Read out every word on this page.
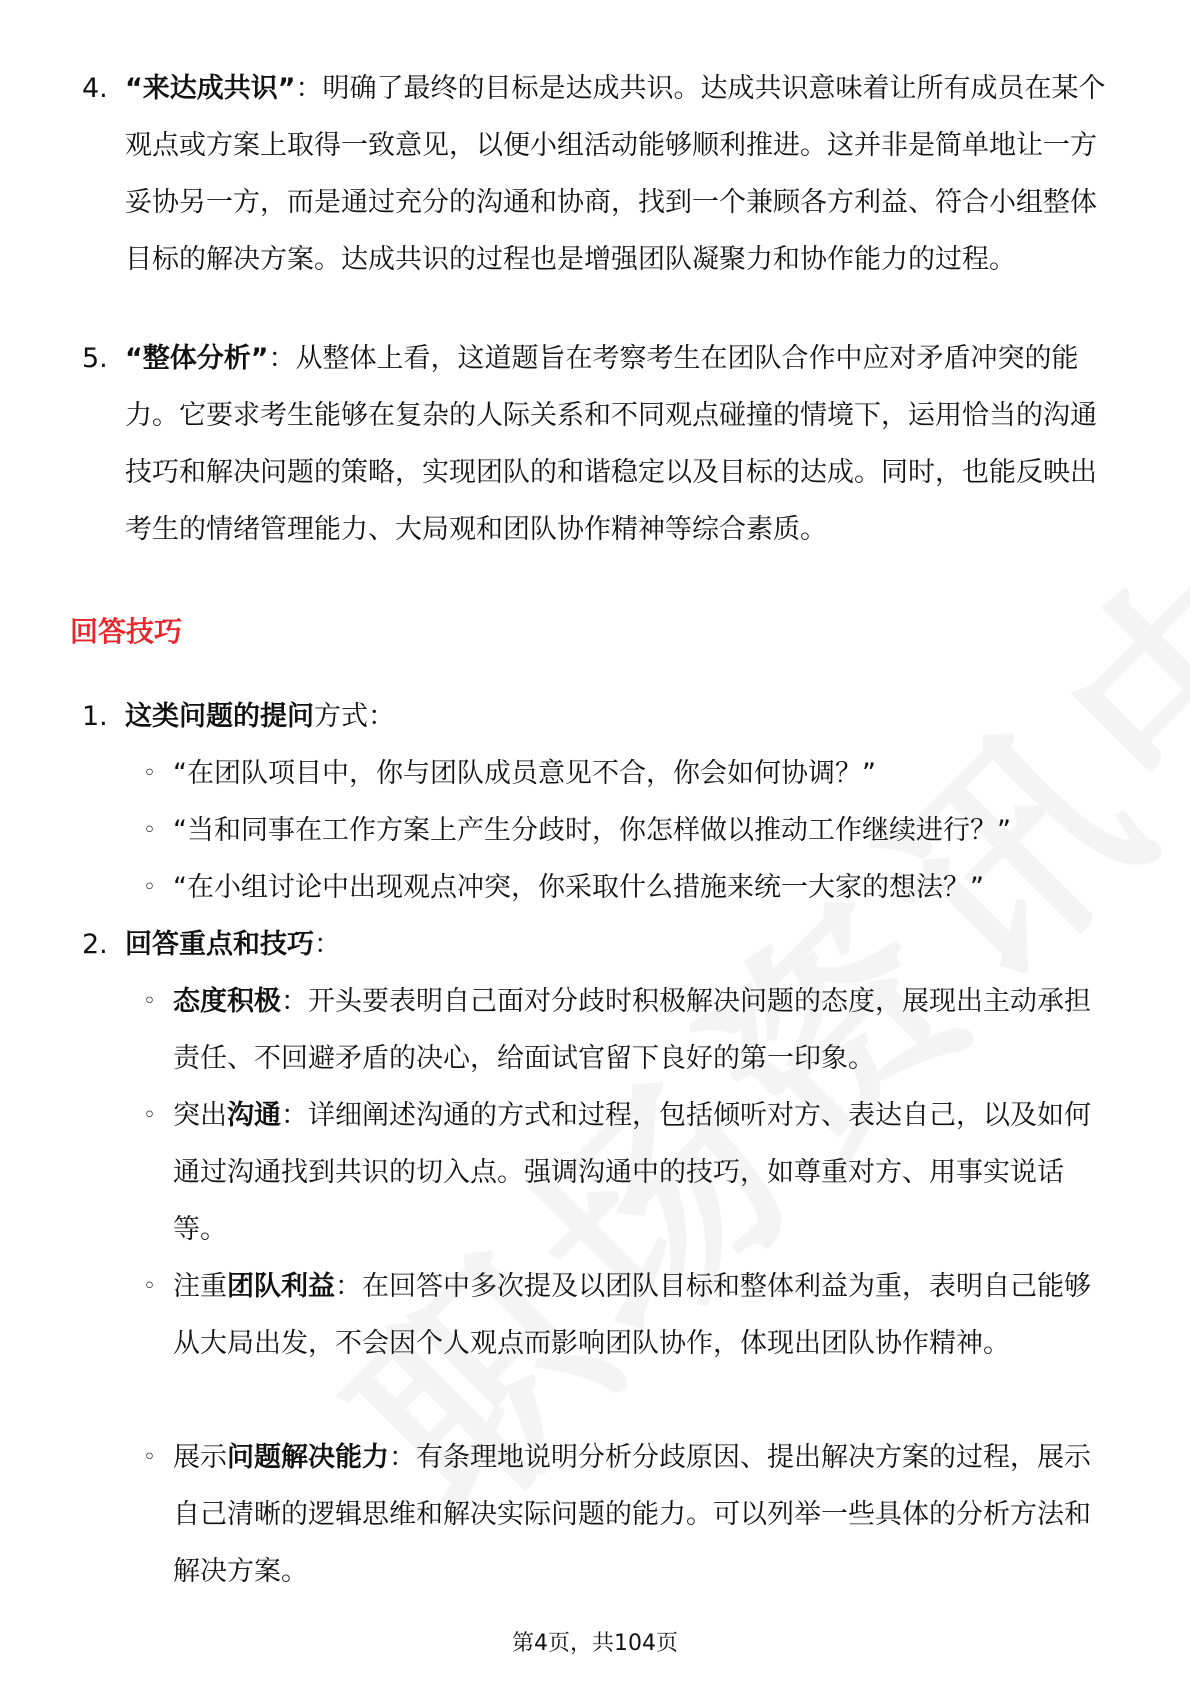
4. “来达成共识”：明确了最终的目标是达成共识。达成共识意味着让所有成员在某个观点或方案上取得一致意见，以便小组活动能够顺利推进。这并非是简单地让一方妥协另一方，而是通过充分的沟通和协商，找到一个兼顾各方利益、符合小组整体目标的解决方案。达成共识的过程也是增强团队凝聚力和协作能力的过程。
5. “整体分析”：从整体上看，这道题旨在考察考生在团队合作中应对矛盾冲突的能力。它要求考生能够在复杂的人际关系和不同观点碰撞的情境下，运用恰当的沟通技巧和解决问题的策略，实现团队的和谐稳定以及目标的达成。同时，也能反映出考生的情绪管理能力、大局观和团队协作精神等综合素质。
回答技巧
1. 这类问题的提问方式：
◦ “在团队项目中，你与团队成员意见不合，你会如何协调？”
◦ “当和同事在工作方案上产生分歧时，你怎样做以推动工作继续进行？”
◦ “在小组讨论中出现观点冲突，你采取什么措施来统一大家的想法？”
2. 回答重点和技巧：
◦ 态度积极：开头要表明自己面对分歧时积极解决问题的态度，展现出主动承担责任、不回避矛盾的决心，给面试官留下良好的第一印象。
◦ 突出沟通：详细阐述沟通的方式和过程，包括倾听对方、表达自己，以及如何通过沟通找到共识的切入点。强调沟通中的技巧，如尊重对方、用事实说话等。
◦ 注重团队利益：在回答中多次提及以团队目标和整体利益为重，表明自己能够从大局出发，不会因个人观点而影响团队协作，体现出团队协作精神。
◦ 展示问题解决能力：有条理地说明分析分歧原因、提出解决方案的过程，展示自己清晰的逻辑思维和解决实际问题的能力。可以列举一些具体的分析方法和解决方案。
第4页，共104页
